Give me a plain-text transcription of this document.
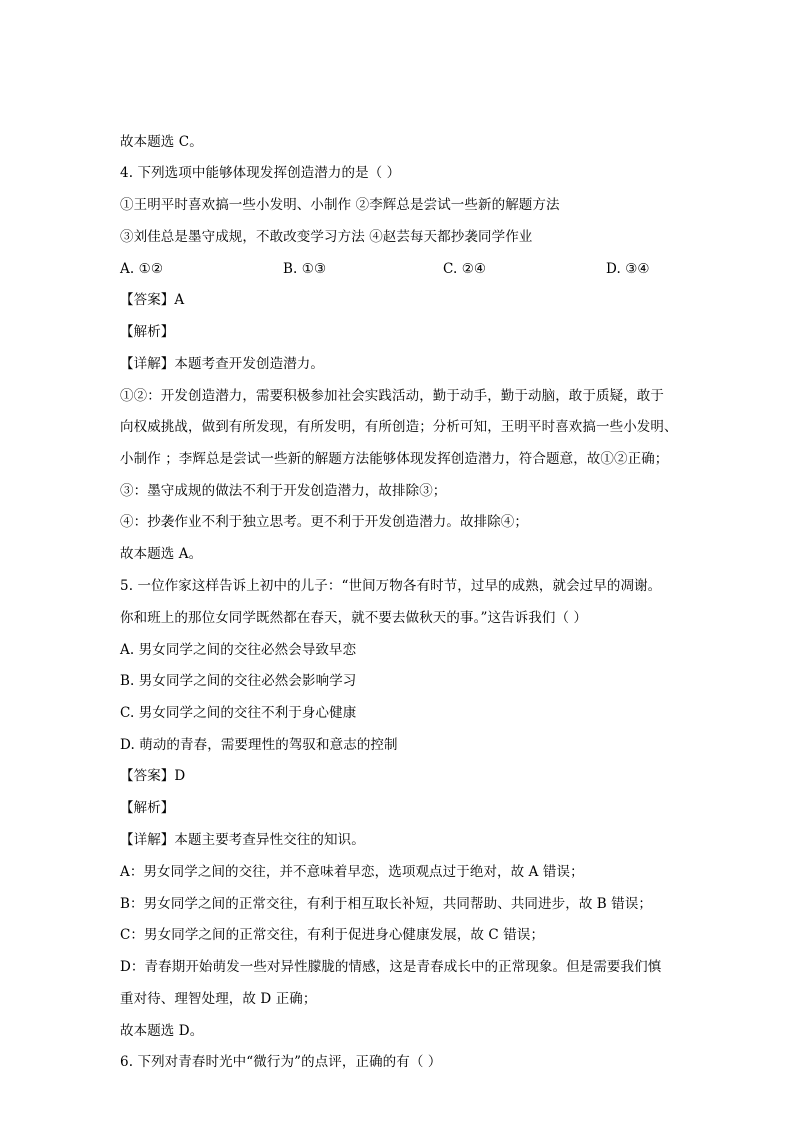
故本题选 C。
4. 下列选项中能够体现发挥创造潜力的是（ ）
①王明平时喜欢搞一些小发明、小制作 ②李辉总是尝试一些新的解题方法
③刘佳总是墨守成规，不敢改变学习方法 ④赵芸每天都抄袭同学作业
A. ①②	B. ①③	C. ②④	D. ③④
【答案】A
【解析】
【详解】本题考查开发创造潜力。
①②：开发创造潜力，需要积极参加社会实践活动，勤于动手，勤于动脑，敢于质疑，敢于
向权威挑战，做到有所发现，有所发明，有所创造；分析可知，王明平时喜欢搞一些小发明、
小制作 ；李辉总是尝试一些新的解题方法能够体现发挥创造潜力，符合题意，故①②正确；
③：墨守成规的做法不利于开发创造潜力，故排除③；
④：抄袭作业不利于独立思考。更不利于开发创造潜力。故排除④；
故本题选 A。
5. 一位作家这样告诉上初中的儿子：“世间万物各有时节，过早的成熟，就会过早的凋谢。
你和班上的那位女同学既然都在春天，就不要去做秋天的事。”这告诉我们（ ）
A. 男女同学之间的交往必然会导致早恋
B. 男女同学之间的交往必然会影响学习
C. 男女同学之间的交往不利于身心健康
D. 萌动的青春，需要理性的驾驭和意志的控制
【答案】D
【解析】
【详解】本题主要考查异性交往的知识。
A：男女同学之间的交往，并不意味着早恋，选项观点过于绝对，故 A 错误；
B：男女同学之间的正常交往，有利于相互取长补短，共同帮助、共同进步，故 B 错误；
C：男女同学之间的正常交往，有利于促进身心健康发展，故 C 错误；
D：青春期开始萌发一些对异性朦胧的情感，这是青春成长中的正常现象。但是需要我们慎
重对待、理智处理，故 D 正确；
故本题选 D。
6. 下列对青春时光中“微行为”的点评，正确的有（ ）
